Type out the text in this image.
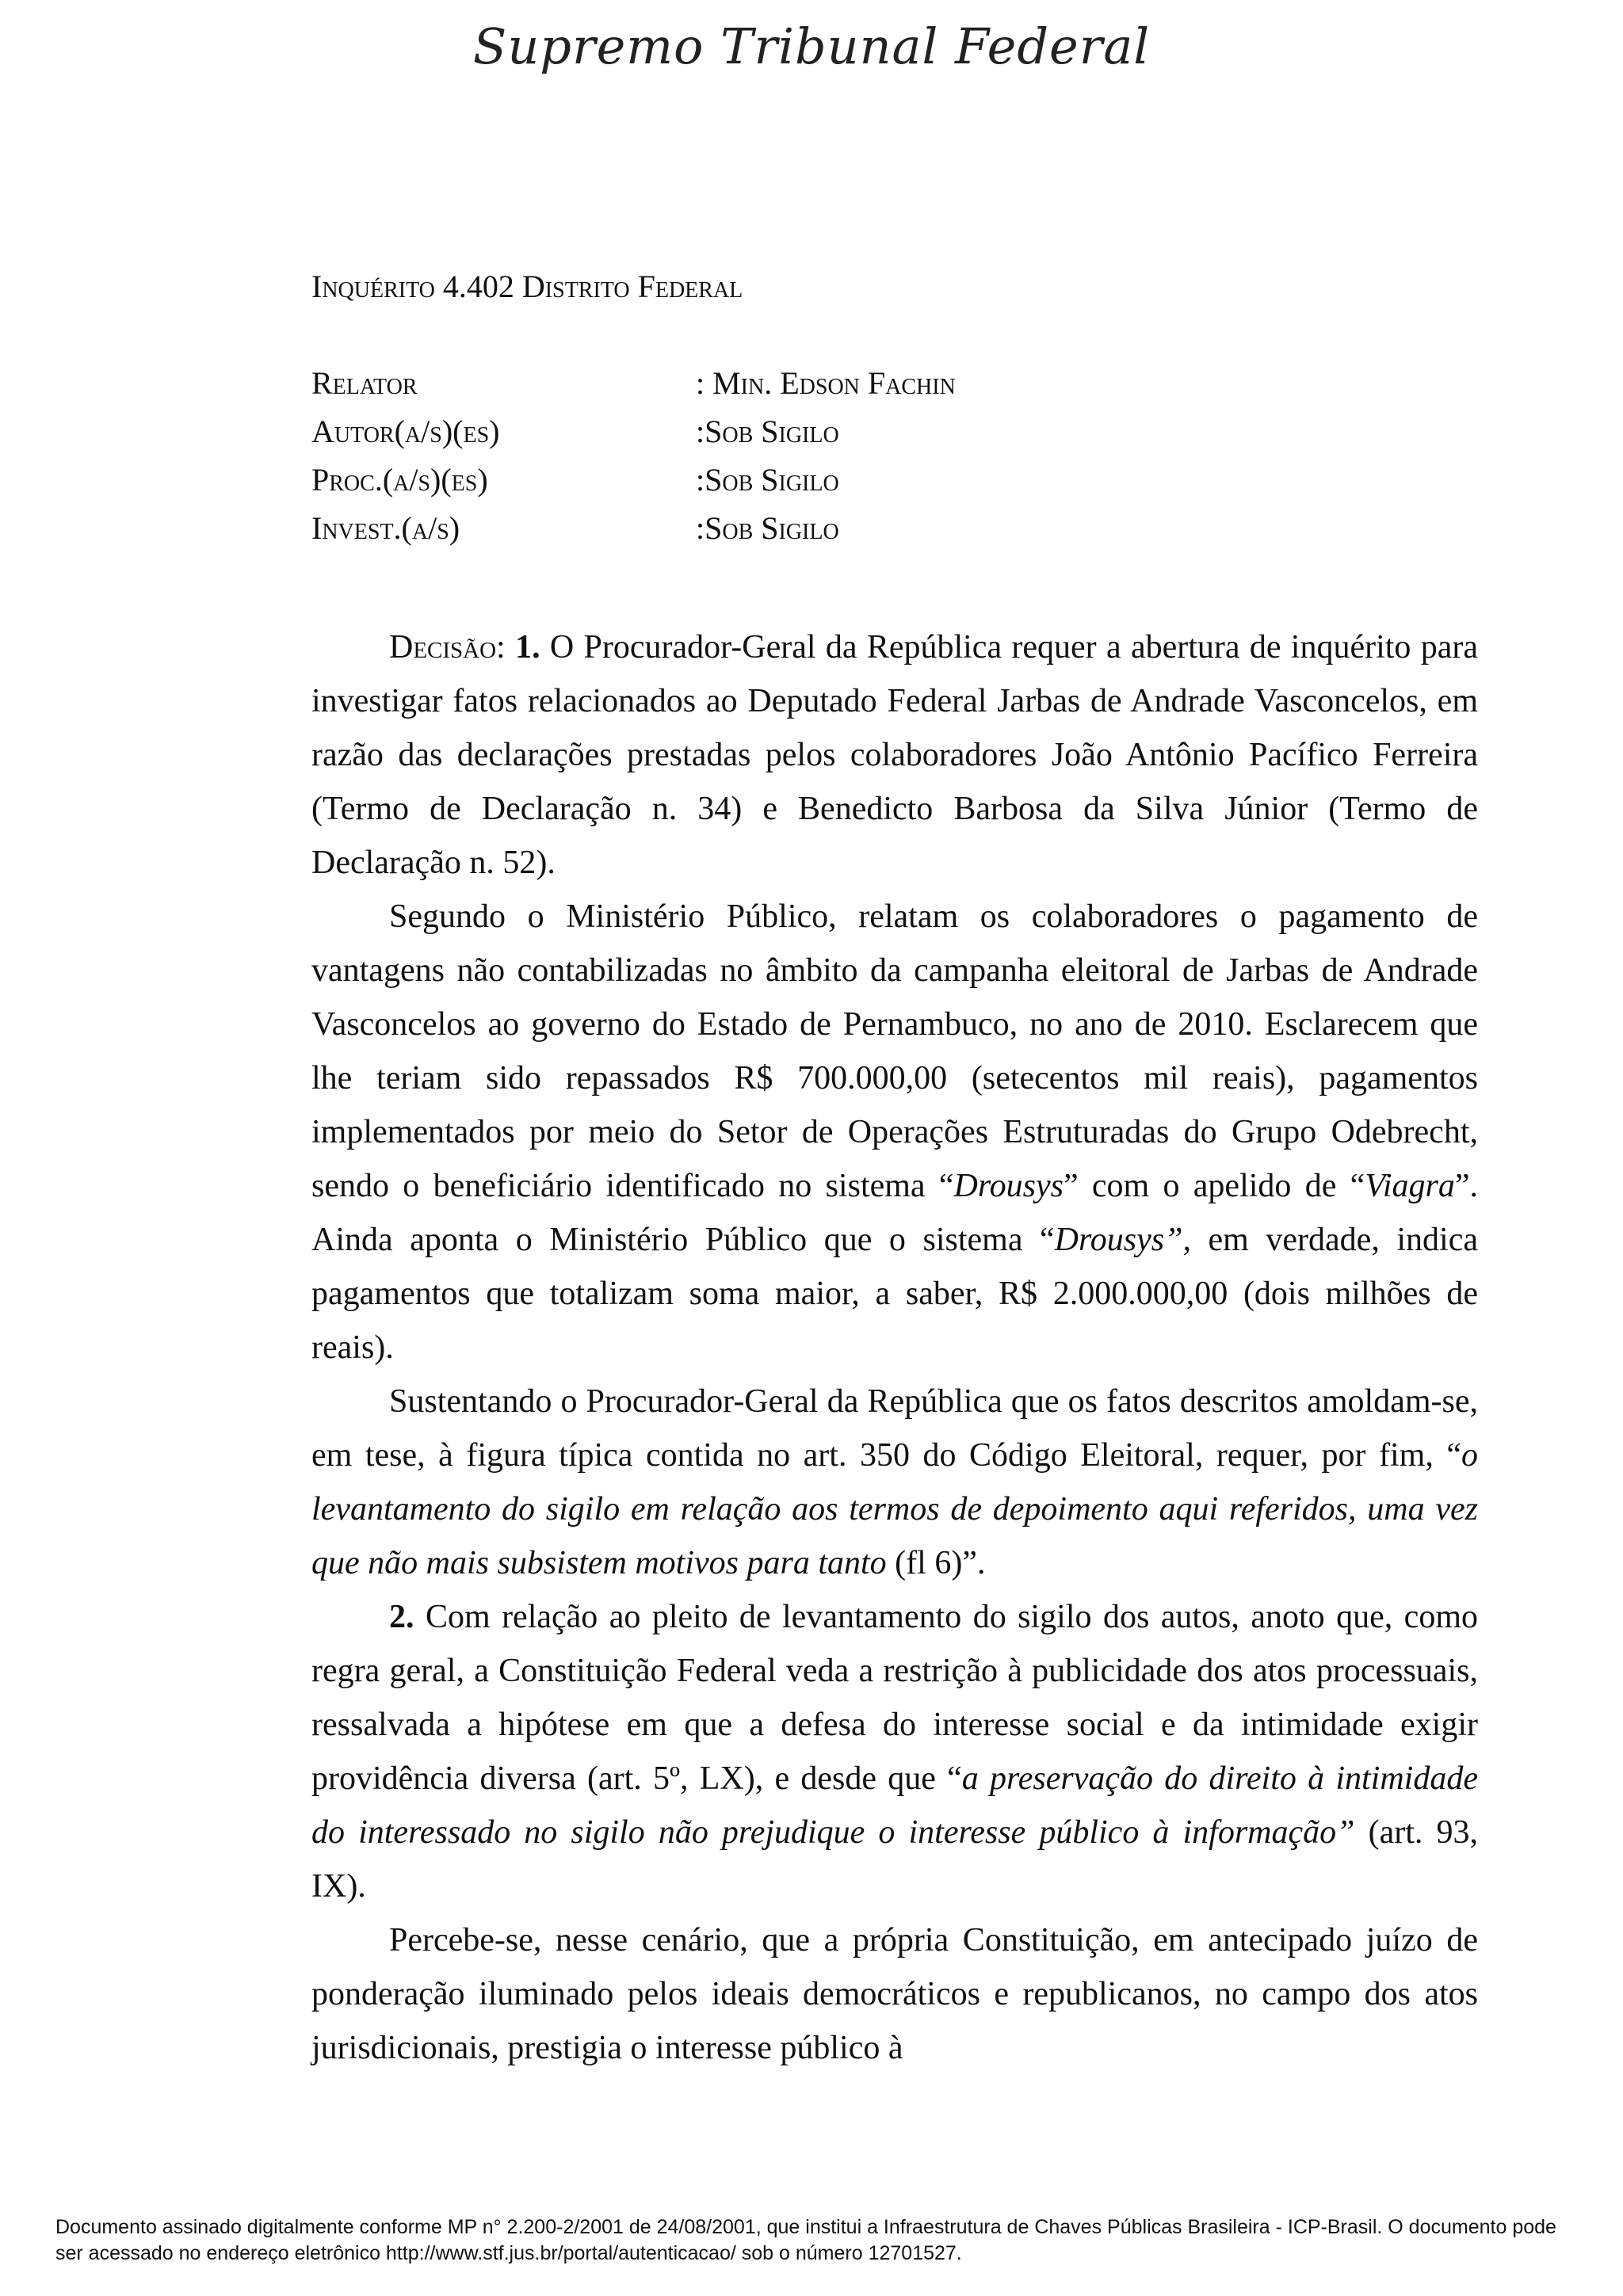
Supremo Tribunal Federal
Inquérito 4.402 Distrito Federal
Relator	: Min. Edson Fachin
Autor(a/s)(es)	:Sob Sigilo
Proc.(a/s)(es)	:Sob Sigilo
Invest.(a/s)	:Sob Sigilo

Decisão: 1. O Procurador-Geral da República requer a abertura de inquérito para investigar fatos relacionados ao Deputado Federal Jarbas de Andrade Vasconcelos, em razão das declarações prestadas pelos colaboradores João Antônio Pacífico Ferreira (Termo de Declaração n. 34) e Benedicto Barbosa da Silva Júnior (Termo de Declaração n. 52).

Segundo o Ministério Público, relatam os colaboradores o pagamento de vantagens não contabilizadas no âmbito da campanha eleitoral de Jarbas de Andrade Vasconcelos ao governo do Estado de Pernambuco, no ano de 2010. Esclarecem que lhe teriam sido repassados R$ 700.000,00 (setecentos mil reais), pagamentos implementados por meio do Setor de Operações Estruturadas do Grupo Odebrecht, sendo o beneficiário identificado no sistema “Drousys” com o apelido de “Viagra”. Ainda aponta o Ministério Público que o sistema “Drousys”, em verdade, indica pagamentos que totalizam soma maior, a saber, R$ 2.000.000,00 (dois milhões de reais).

Sustentando o Procurador-Geral da República que os fatos descritos amoldam-se, em tese, à figura típica contida no art. 350 do Código Eleitoral, requer, por fim, “o levantamento do sigilo em relação aos termos de depoimento aqui referidos, uma vez que não mais subsistem motivos para tanto (fl 6)”.

2. Com relação ao pleito de levantamento do sigilo dos autos, anoto que, como regra geral, a Constituição Federal veda a restrição à publicidade dos atos processuais, ressalvada a hipótese em que a defesa do interesse social e da intimidade exigir providência diversa (art. 5º, LX), e desde que “a preservação do direito à intimidade do interessado no sigilo não prejudique o interesse público à informação” (art. 93, IX).

Percebe-se, nesse cenário, que a própria Constituição, em antecipado juízo de ponderação iluminado pelos ideais democráticos e republicanos, no campo dos atos jurisdicionais, prestigia o interesse público à

Documento assinado digitalmente conforme MP n° 2.200-2/2001 de 24/08/2001, que institui a Infraestrutura de Chaves Públicas Brasileira - ICP-Brasil. O documento pode ser acessado no endereço eletrônico http://www.stf.jus.br/portal/autenticacao/ sob o número 12701527.
